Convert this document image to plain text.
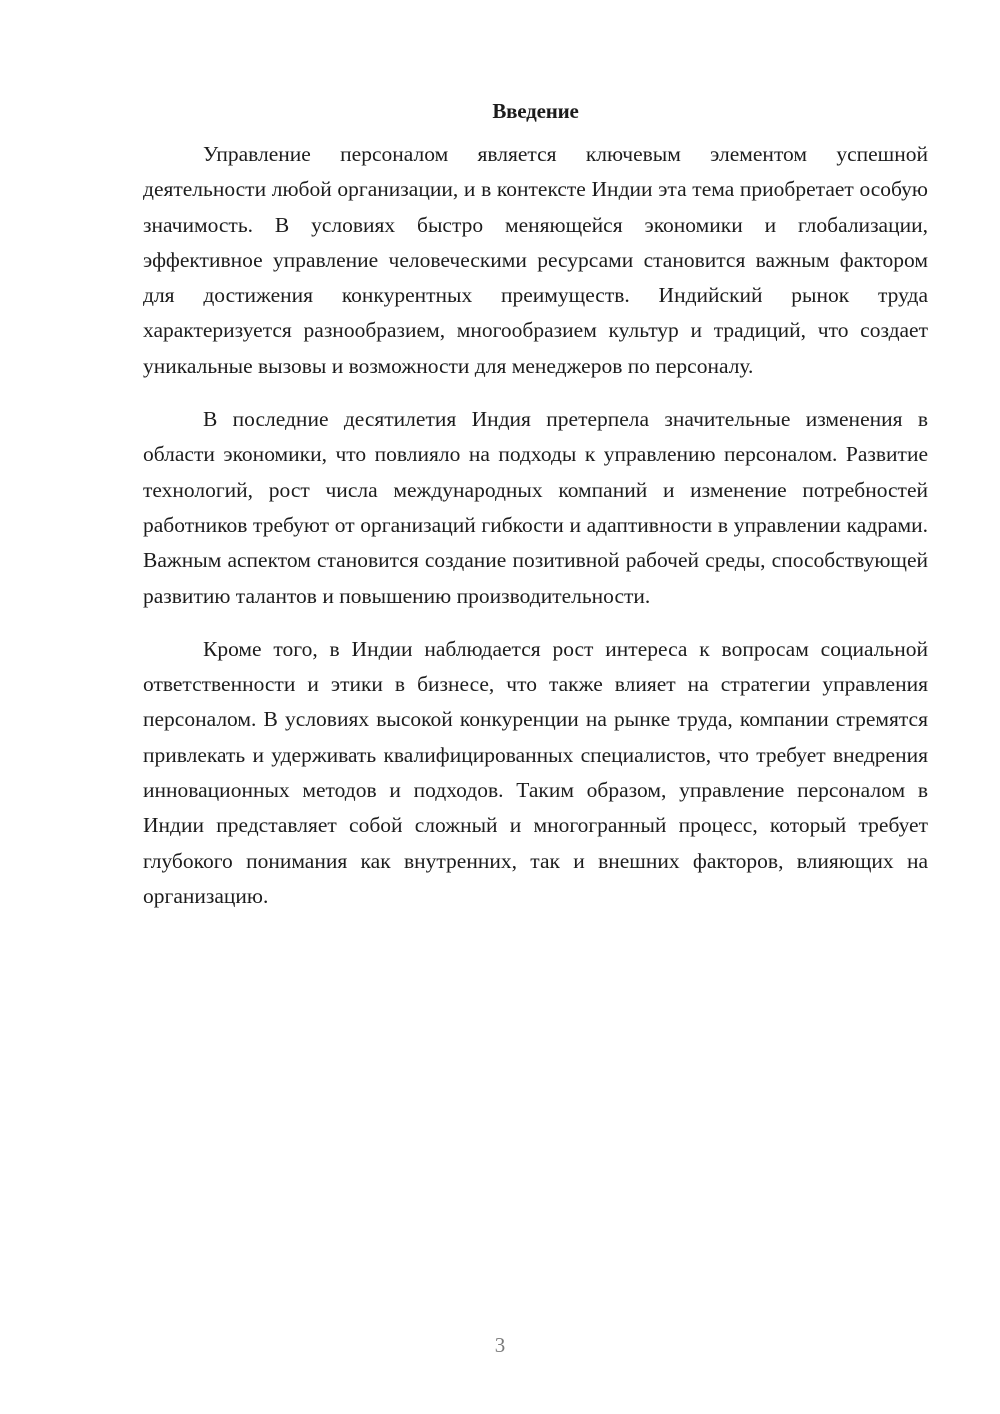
Введение

Управление персоналом является ключевым элементом успешной деятельности любой организации, и в контексте Индии эта тема приобретает особую значимость. В условиях быстро меняющейся экономики и глобализации, эффективное управление человеческими ресурсами становится важным фактором для достижения конкурентных преимуществ. Индийский рынок труда характеризуется разнообразием, многообразием культур и традиций, что создает уникальные вызовы и возможности для менеджеров по персоналу.

В последние десятилетия Индия претерпела значительные изменения в области экономики, что повлияло на подходы к управлению персоналом. Развитие технологий, рост числа международных компаний и изменение потребностей работников требуют от организаций гибкости и адаптивности в управлении кадрами. Важным аспектом становится создание позитивной рабочей среды, способствующей развитию талантов и повышению производительности.

Кроме того, в Индии наблюдается рост интереса к вопросам социальной ответственности и этики в бизнесе, что также влияет на стратегии управления персоналом. В условиях высокой конкуренции на рынке труда, компании стремятся привлекать и удерживать квалифицированных специалистов, что требует внедрения инновационных методов и подходов. Таким образом, управление персоналом в Индии представляет собой сложный и многогранный процесс, который требует глубокого понимания как внутренних, так и внешних факторов, влияющих на организацию.

3
